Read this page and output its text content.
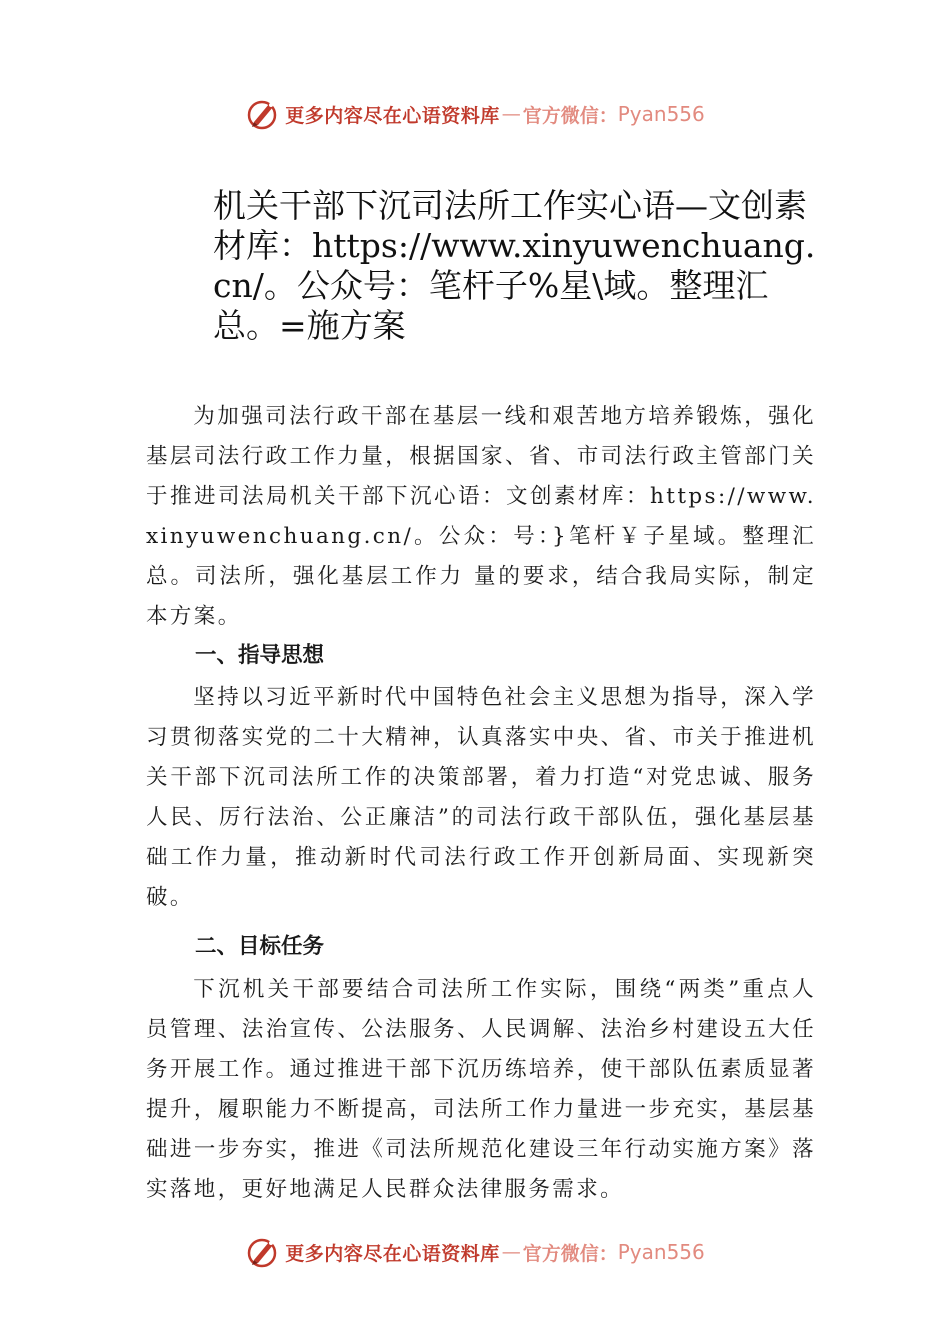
更多内容尽在心语资料库 — 官方微信： Pyan556
机关干部下沉司法所工作实心语—文创素材库：https://www.xinyuwenchuang.cn/。公众号：笔杆子%星\域。整理汇总。=施方案

为加强司法行政干部在基层一线和艰苦地方培养锻炼，强化基层司法行政工作力量，根据国家、省、市司法行政主管部门关于推进司法局机关干部下沉心语：文创素材库：https://www.xinyuwenchuang.cn/。公众：号：}笔杆￥子星域。整理汇总。司法所，强化基层工作力 量的要求，结合我局实际，制定本方案。

一、指导思想

坚持以习近平新时代中国特色社会主义思想为指导，深入学习贯彻落实党的二十大精神，认真落实中央、省、市关于推进机关干部下沉司法所工作的决策部署，着力打造“对党忠诚、服务人民、厉行法治、公正廉洁”的司法行政干部队伍，强化基层基础工作力量，推动新时代司法行政工作开创新局面、实现新突破。

二、目标任务

下沉机关干部要结合司法所工作实际，围绕“两类”重点人员管理、法治宣传、公法服务、人民调解、法治乡村建设五大任务开展工作。通过推进干部下沉历练培养，使干部队伍素质显著提升，履职能力不断提高，司法所工作力量进一步充实，基层基础进一步夯实，推进《司法所规范化建设三年行动实施方案》落实落地，更好地满足人民群众法律服务需求。

更多内容尽在心语资料库 — 官方微信： Pyan556
